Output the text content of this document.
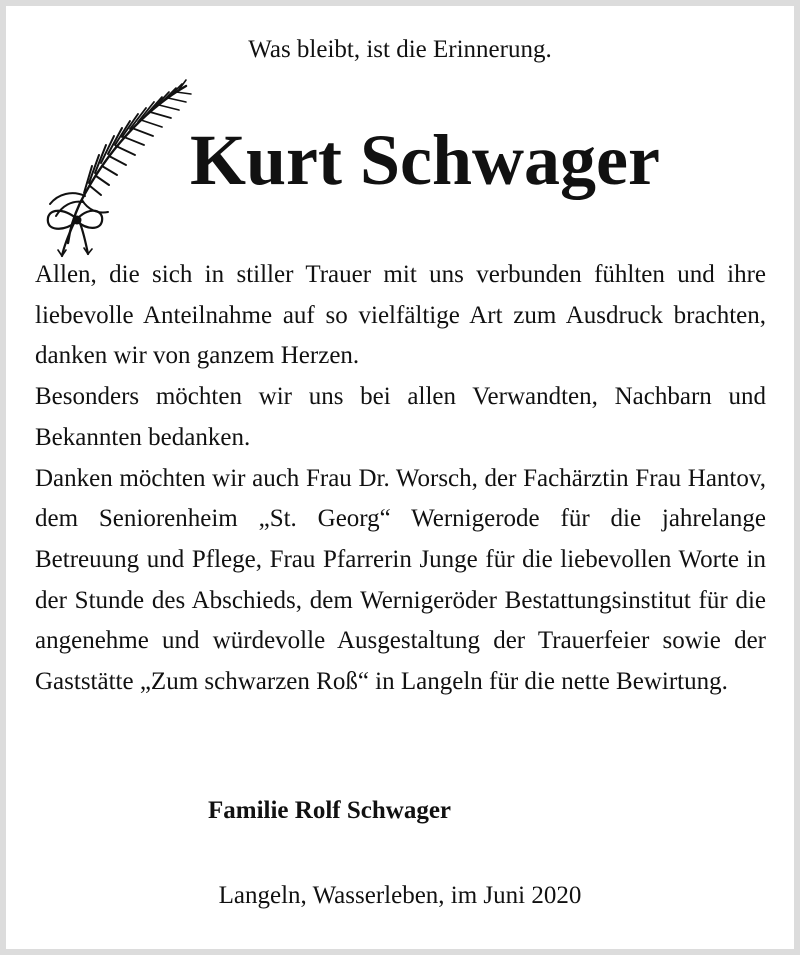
Was bleibt, ist die Erinnerung.
Kurt Schwager

Allen, die sich in stiller Trauer mit uns verbunden fühlten und ihre liebevolle Anteilnahme auf so vielfältige Art zum Ausdruck brachten, danken wir von ganzem Herzen.

Besonders möchten wir uns bei allen Verwandten, Nachbarn und Bekannten bedanken.

Danken möchten wir auch Frau Dr. Worsch, der Fachärztin Frau Hantov, dem Seniorenheim „St. Georg“ Wernigerode für die jahrelange Betreuung und Pflege, Frau Pfarrerin Junge für die liebevollen Worte in der Stunde des Abschieds, dem Wernigeröder Bestattungsinstitut für die angenehme und würdevolle Ausgestaltung der Trauerfeier sowie der Gaststätte „Zum schwarzen Roß“ in Langeln für die nette Bewirtung.

Familie Rolf Schwager
Langeln, Wasserleben, im Juni 2020
